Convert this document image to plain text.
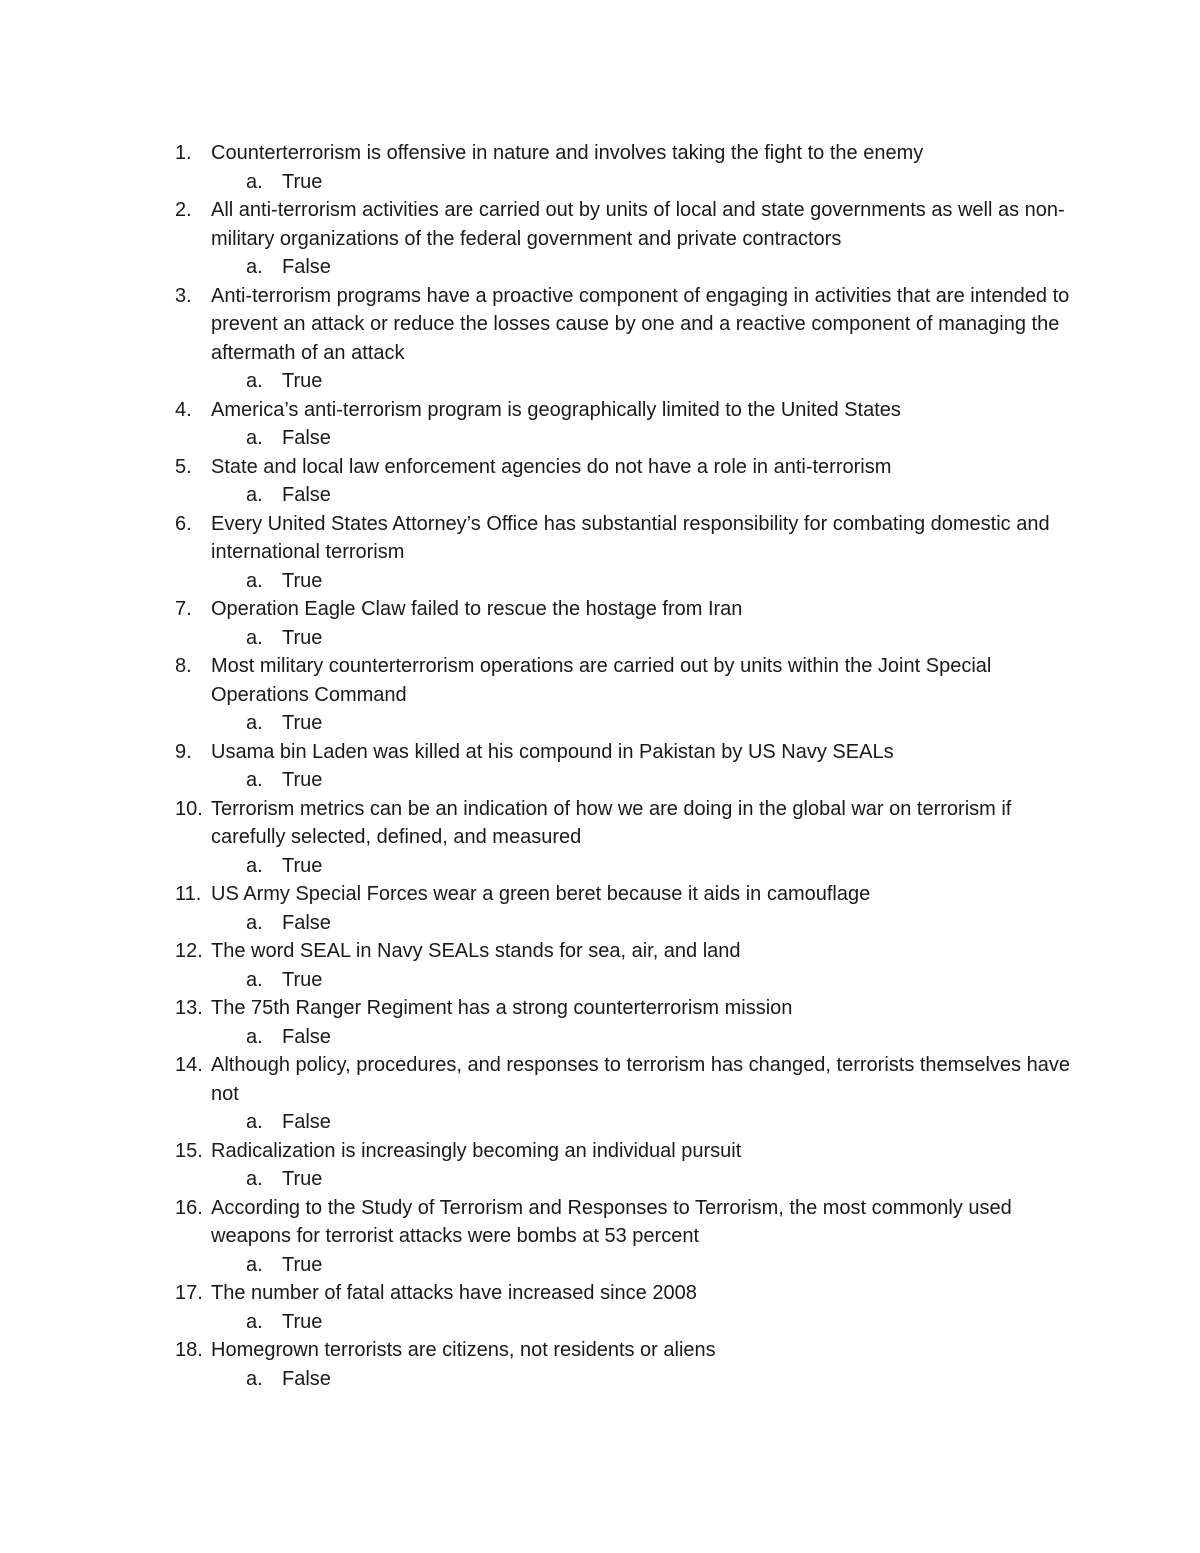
1. Counterterrorism is offensive in nature and involves taking the fight to the enemy
a. True
2. All anti-terrorism activities are carried out by units of local and state governments as well as non-military organizations of the federal government and private contractors
a. False
3. Anti-terrorism programs have a proactive component of engaging in activities that are intended to prevent an attack or reduce the losses cause by one and a reactive component of managing the aftermath of an attack
a. True
4. America’s anti-terrorism program is geographically limited to the United States
a. False
5. State and local law enforcement agencies do not have a role in anti-terrorism
a. False
6. Every United States Attorney’s Office has substantial responsibility for combating domestic and international terrorism
a. True
7. Operation Eagle Claw failed to rescue the hostage from Iran
a. True
8. Most military counterterrorism operations are carried out by units within the Joint Special Operations Command
a. True
9. Usama bin Laden was killed at his compound in Pakistan by US Navy SEALs
a. True
10. Terrorism metrics can be an indication of how we are doing in the global war on terrorism if carefully selected, defined, and measured
a. True
11. US Army Special Forces wear a green beret because it aids in camouflage
a. False
12. The word SEAL in Navy SEALs stands for sea, air, and land
a. True
13. The 75th Ranger Regiment has a strong counterterrorism mission
a. False
14. Although policy, procedures, and responses to terrorism has changed, terrorists themselves have not
a. False
15. Radicalization is increasingly becoming an individual pursuit
a. True
16. According to the Study of Terrorism and Responses to Terrorism, the most commonly used weapons for terrorist attacks were bombs at 53 percent
a. True
17. The number of fatal attacks have increased since 2008
a. True
18. Homegrown terrorists are citizens, not residents or aliens
a. False
